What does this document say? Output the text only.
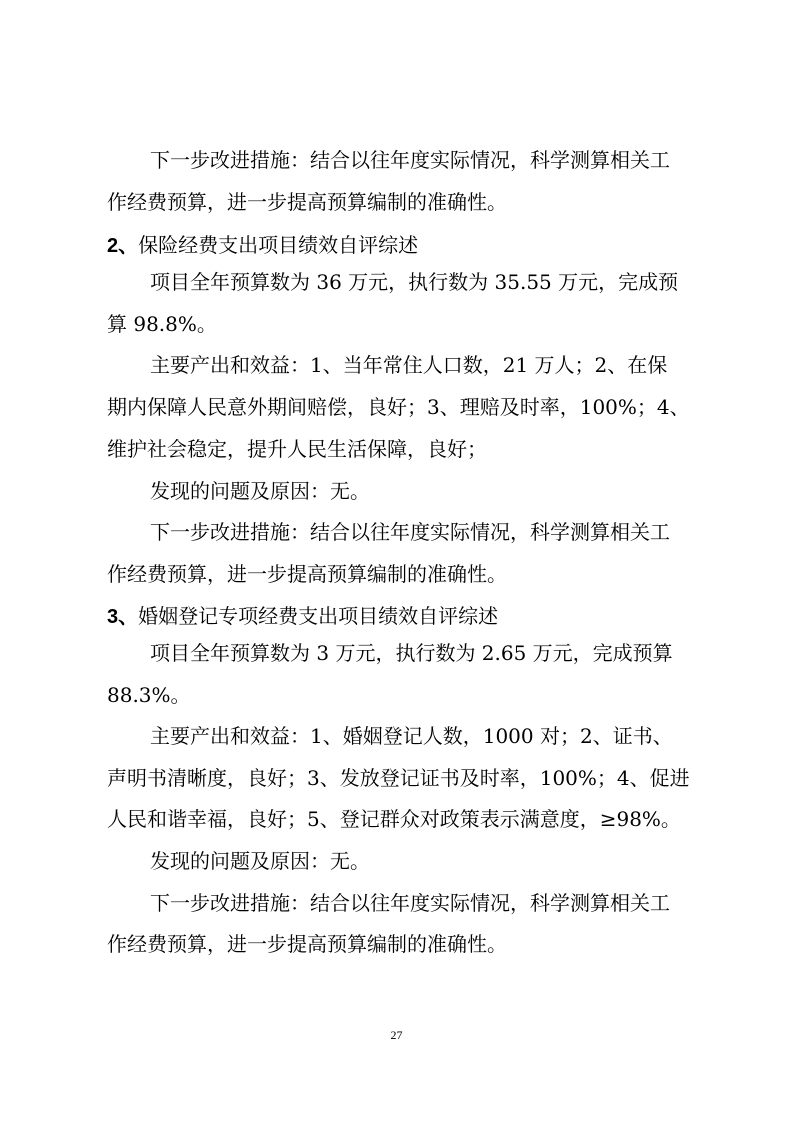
下一步改进措施：结合以往年度实际情况，科学测算相关工
作经费预算，进一步提高预算编制的准确性。
2、保险经费支出项目绩效自评综述
项目全年预算数为 36 万元，执行数为 35.55 万元，完成预
算 98.8%。
主要产出和效益：1、当年常住人口数，21 万人；2、在保
期内保障人民意外期间赔偿，良好；3、理赔及时率，100%；4、
维护社会稳定，提升人民生活保障，良好；
发现的问题及原因：无。
下一步改进措施：结合以往年度实际情况，科学测算相关工
作经费预算，进一步提高预算编制的准确性。
3、婚姻登记专项经费支出项目绩效自评综述
项目全年预算数为 3 万元，执行数为 2.65 万元，完成预算
88.3%。
主要产出和效益：1、婚姻登记人数，1000 对；2、证书、
声明书清晰度，良好；3、发放登记证书及时率，100%；4、促进
人民和谐幸福，良好；5、登记群众对政策表示满意度，≥98%。
发现的问题及原因：无。
下一步改进措施：结合以往年度实际情况，科学测算相关工
作经费预算，进一步提高预算编制的准确性。
27
